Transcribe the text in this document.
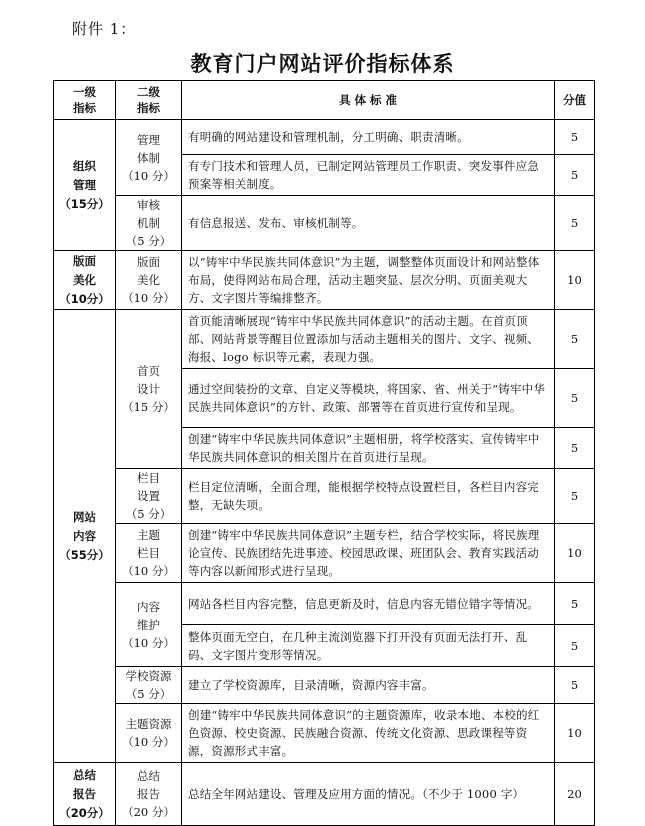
附件 1：
教育门户网站评价指标体系
一级
指标	二级
指标	具 体 标 准	分值

组织
管理
（15分）	管理
体制
（10 分）	有明确的网站建设和管理机制，分工明确、职责清晰。	5
		有专门技术和管理人员，已制定网站管理员工作职责、突发事件应急预案等相关制度。	5

	审核
机制
（5 分）	有信息报送、发布、审核机制等。	5

版面
美化
（10分）	版面
美化
（10 分）	以“铸牢中华民族共同体意识”为主题，调整整体页面设计和网站整体布局，使得网站布局合理，活动主题突显、层次分明、页面美观大方、文字图片等编排整齐。	10

网站
内容
（55分）	首页
设计
（15 分）	首页能清晰展现“铸牢中华民族共同体意识”的活动主题。在首页顶部、网站背景等醒目位置添加与活动主题相关的图片、文字、视频、海报、logo 标识等元素，表现力强。	5
		通过空间装扮的文章、自定义等模块，将国家、省、州关于“铸牢中华民族共同体意识”的方针、政策、部署等在首页进行宣传和呈现。	5
		创建“铸牢中华民族共同体意识”主题相册，将学校落实、宣传铸牢中华民族共同体意识的相关图片在首页进行呈现。	5

	栏目
设置
（5 分）	栏目定位清晰，全面合理，能根据学校特点设置栏目，各栏目内容完整，无缺失项。	5

	主题
栏目
（10 分）	创建“铸牢中华民族共同体意识”主题专栏，结合学校实际，将民族理论宣传、民族团结先进事迹、校园思政课、班团队会、教育实践活动等内容以新闻形式进行呈现。	10

	内容
维护
（10 分）	网站各栏目内容完整，信息更新及时，信息内容无错位错字等情况。	5
		整体页面无空白，在几种主流浏览器下打开没有页面无法打开、乱码、文字图片变形等情况。	5

	学校资源
（5 分）	建立了学校资源库，目录清晰，资源内容丰富。	5

	主题资源
（10 分）	创建“铸牢中华民族共同体意识”的主题资源库，收录本地、本校的红色资源、校史资源、民族融合资源、传统文化资源、思政课程等资源，资源形式丰富。	10

总结
报告
（20分）	总结
报告
（20 分）	总结全年网站建设、管理及应用方面的情况。（不少于 1000 字）	20
